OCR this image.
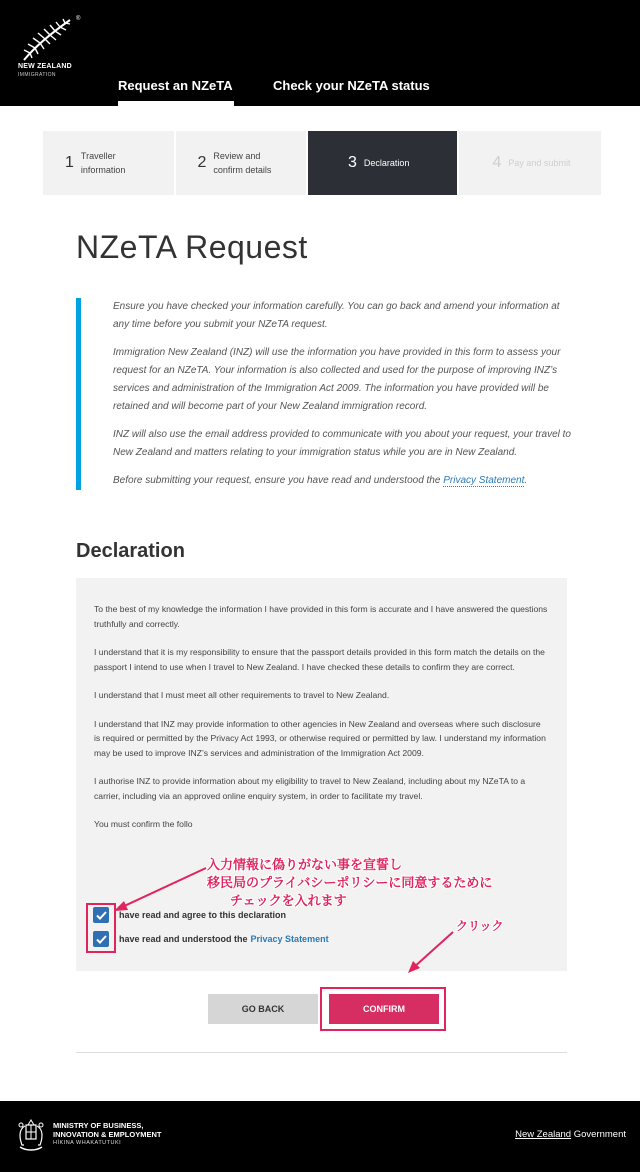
®
NEW ZEALAND
IMMIGRATION
Request an NZeTA	Check your NZeTA status
1 Traveller information	2 Review and confirm details	3 Declaration	4 Pay and submit
NZeTA Request

Ensure you have checked your information carefully. You can go back and amend your information at any time before you submit your NZeTA request.

Immigration New Zealand (INZ) will use the information you have provided in this form to assess your request for an NZeTA. Your information is also collected and used for the purpose of improving INZ’s services and administration of the Immigration Act 2009. The information you have provided will be retained and will become part of your New Zealand immigration record.

INZ will also use the email address provided to communicate with you about your request, your travel to New Zealand and matters relating to your immigration status while you are in New Zealand.

Before submitting your request, ensure you have read and understood the Privacy Statement.

Declaration

To the best of my knowledge the information I have provided in this form is accurate and I have answered the questions truthfully and correctly.

I understand that it is my responsibility to ensure that the passport details provided in this form match the details on the passport I intend to use when I travel to New Zealand. I have checked these details to confirm they are correct.

I understand that I must meet all other requirements to travel to New Zealand.

I understand that INZ may provide information to other agencies in New Zealand and overseas where such disclosure is required or permitted by the Privacy Act 1993, or otherwise required or permitted by law. I understand my information may be used to improve INZ’s services and administration of the Immigration Act 2009.

I authorise INZ to provide information about my eligibility to travel to New Zealand, including about my NZeTA to a carrier, including via an approved online enquiry system, in order to facilitate my travel.

You must confirm the follo

have read and agree to this declaration
have read and understood the Privacy Statement
入力情報に偽りがない事を宣誓し
移民局のプライバシーポリシーに同意するために
チェックを入れます
クリック
GO BACK	CONFIRM
MINISTRY OF BUSINESS,
INNOVATION & EMPLOYMENT
HĪKINA WHAKATUTUKI
New Zealand Government
